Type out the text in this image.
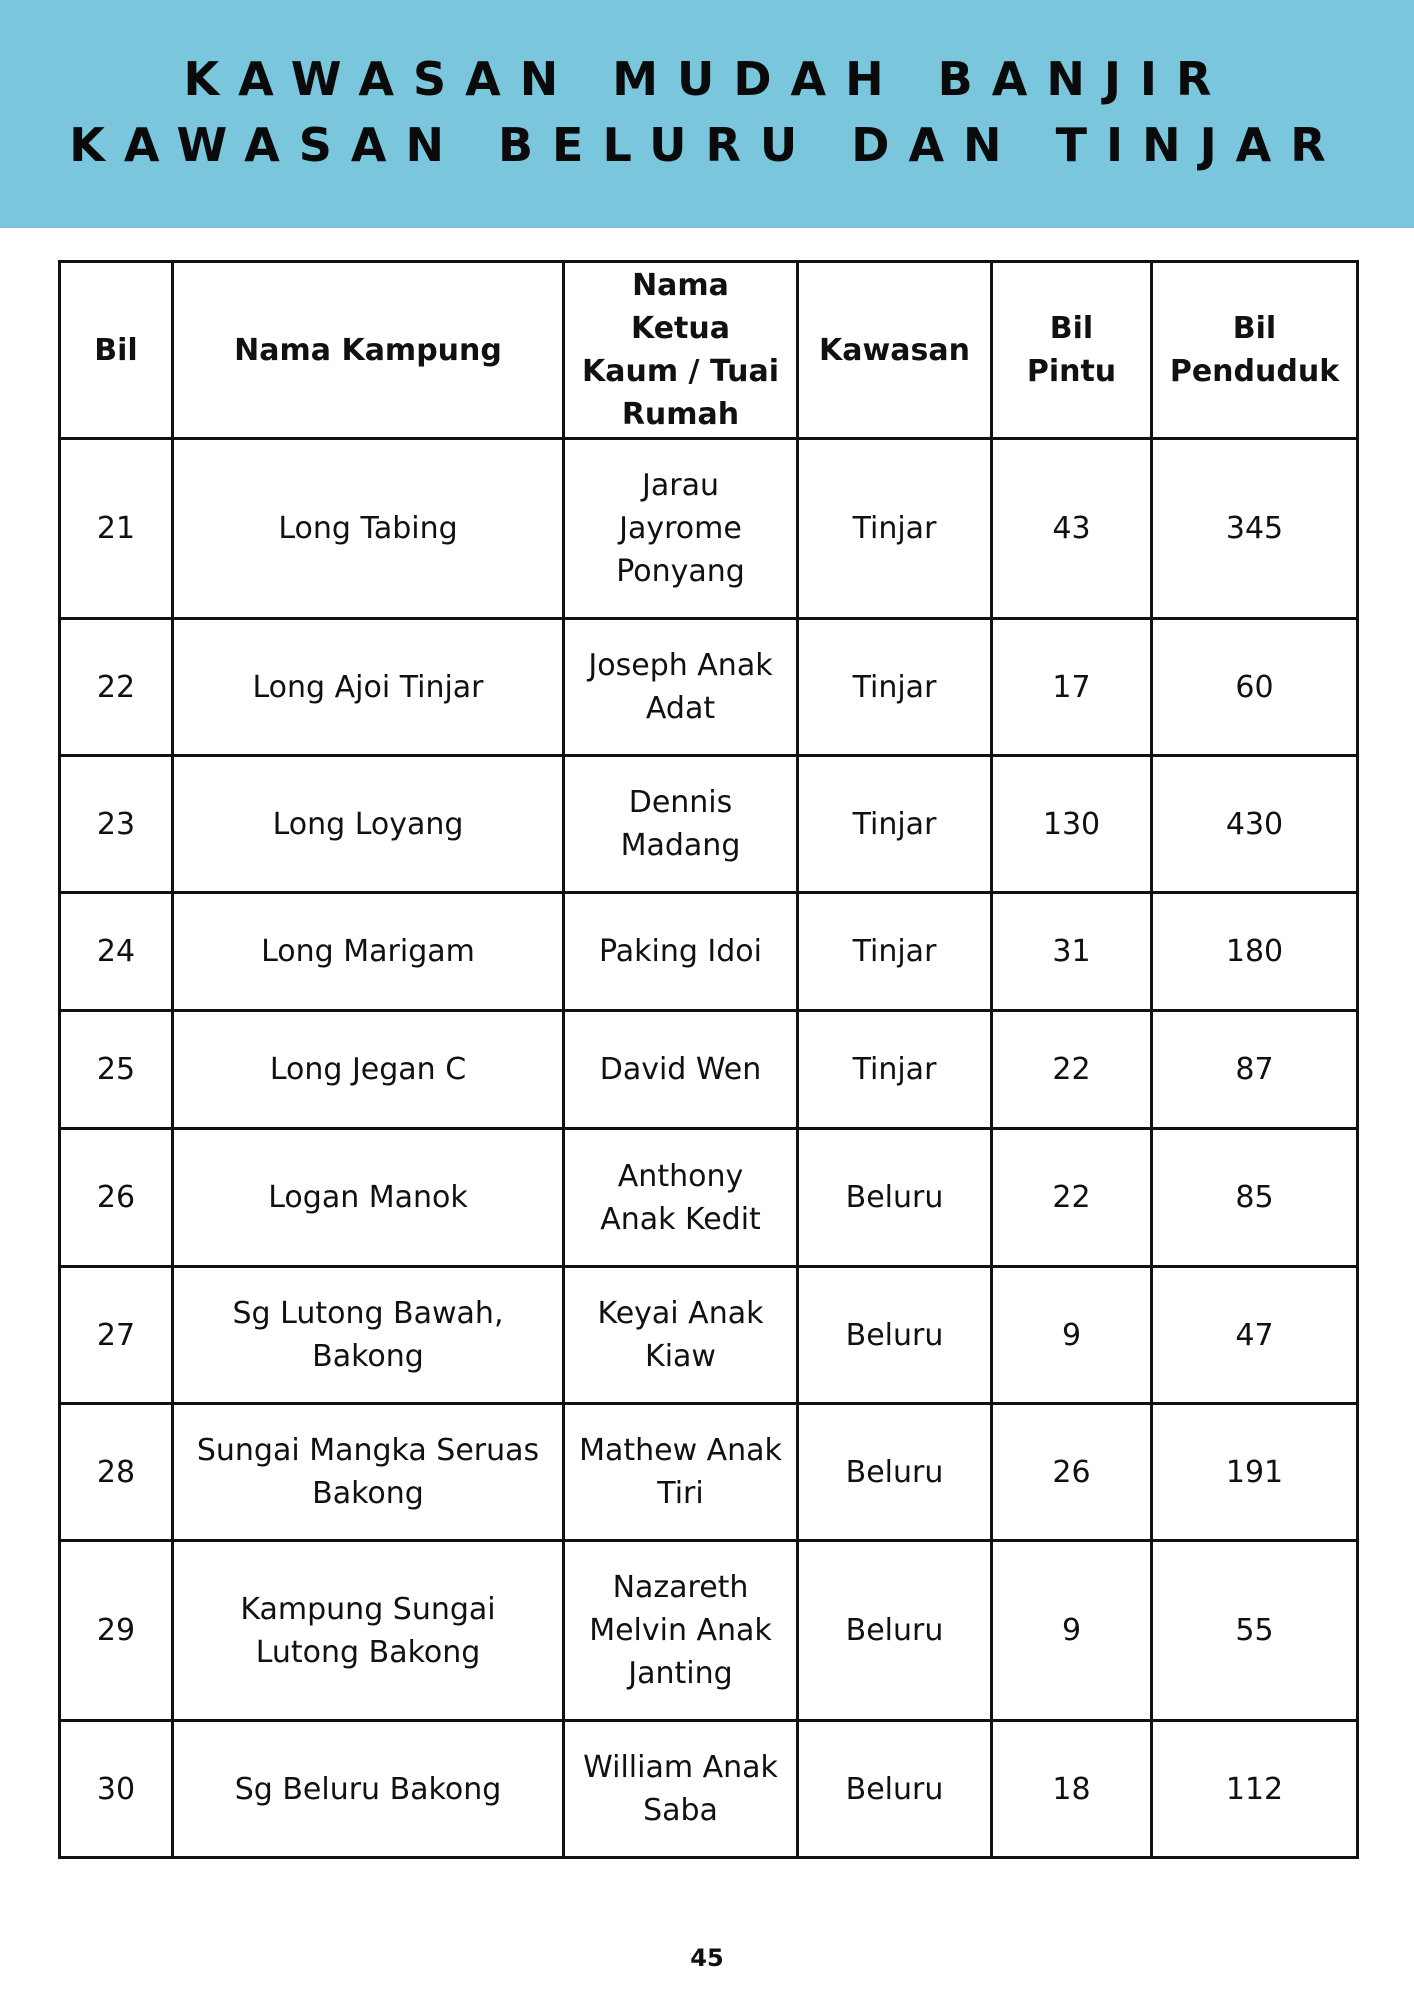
KAWASAN MUDAH BANJIR
KAWASAN BELURU DAN TINJAR
Bil	Nama Kampung	Nama Ketua Kaum / Tuai Rumah	Kawasan	Bil Pintu	Bil Penduduk
21	Long Tabing	Jarau Jayrome Ponyang	Tinjar	43	345
22	Long Ajoi Tinjar	Joseph Anak Adat	Tinjar	17	60
23	Long Loyang	Dennis Madang	Tinjar	130	430
24	Long Marigam	Paking Idoi	Tinjar	31	180
25	Long Jegan C	David Wen	Tinjar	22	87
26	Logan Manok	Anthony Anak Kedit	Beluru	22	85
27	Sg Lutong Bawah, Bakong	Keyai Anak Kiaw	Beluru	9	47
28	Sungai Mangka Seruas Bakong	Mathew Anak Tiri	Beluru	26	191
29	Kampung Sungai Lutong Bakong	Nazareth Melvin Anak Janting	Beluru	9	55
30	Sg Beluru Bakong	William Anak Saba	Beluru	18	112
45
